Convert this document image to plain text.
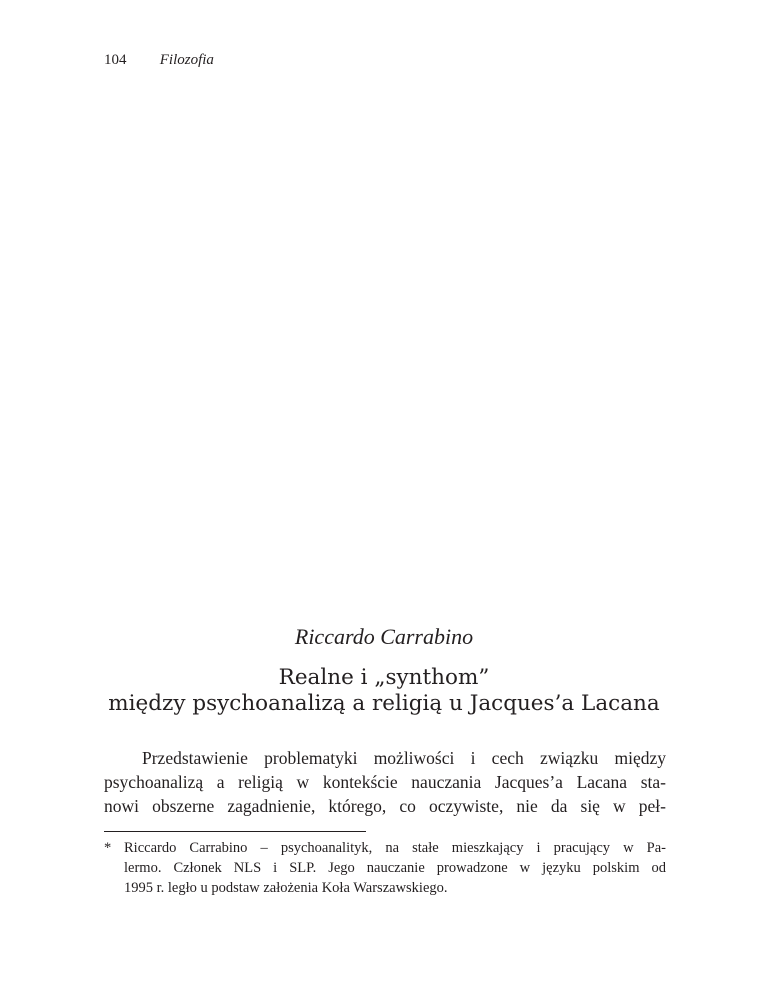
104 Filozofia
Riccardo Carrabino
Realne i „synthom”
między psychoanalizą a religią u Jacques’a Lacana

Przedstawienie problematyki możliwości i cech związku między
psychoanalizą a religią w kontekście nauczania Jacques’a Lacana sta-
nowi obszerne zagadnienie, którego, co oczywiste, nie da się w peł-

* Riccardo Carrabino – psychoanalityk, na stałe mieszkający i pracujący w Pa-
lermo. Członek NLS i SLP. Jego nauczanie prowadzone w języku polskim od
1995 r. legło u podstaw założenia Koła Warszawskiego.
